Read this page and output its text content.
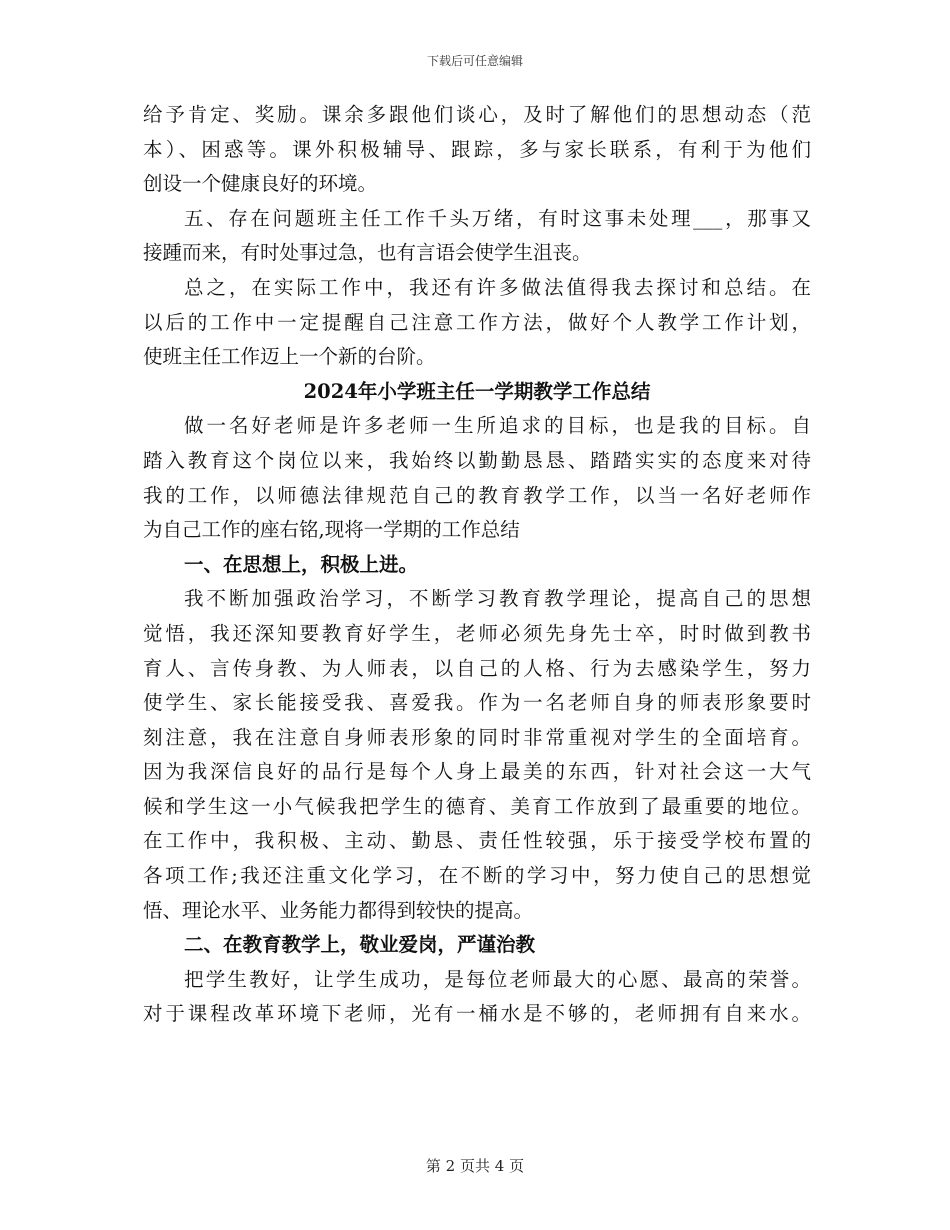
下载后可任意编辑
给予肯定、奖励。课余多跟他们谈心，及时了解他们的思想动态（范
本）、困惑等。课外积极辅导、跟踪，多与家长联系，有利于为他们
创设一个健康良好的环境。
五、存在问题班主任工作千头万绪，有时这事未处理___，那事又
接踵而来，有时处事过急，也有言语会使学生沮丧。
总之，在实际工作中，我还有许多做法值得我去探讨和总结。在
以后的工作中一定提醒自己注意工作方法，做好个人教学工作计划，
使班主任工作迈上一个新的台阶。
2024年小学班主任一学期教学工作总结
做一名好老师是许多老师一生所追求的目标，也是我的目标。自
踏入教育这个岗位以来，我始终以勤勤恳恳、踏踏实实的态度来对待
我的工作，以师德法律规范自己的教育教学工作，以当一名好老师作
为自己工作的座右铭,现将一学期的工作总结
一、在思想上，积极上进。
我不断加强政治学习，不断学习教育教学理论，提高自己的思想
觉悟，我还深知要教育好学生，老师必须先身先士卒，时时做到教书
育人、言传身教、为人师表，以自己的人格、行为去感染学生，努力
使学生、家长能接受我、喜爱我。作为一名老师自身的师表形象要时
刻注意，我在注意自身师表形象的同时非常重视对学生的全面培育。
因为我深信良好的品行是每个人身上最美的东西，针对社会这一大气
候和学生这一小气候我把学生的德育、美育工作放到了最重要的地位。
在工作中，我积极、主动、勤恳、责任性较强，乐于接受学校布置的
各项工作;我还注重文化学习，在不断的学习中，努力使自己的思想觉
悟、理论水平、业务能力都得到较快的提高。
二、在教育教学上，敬业爱岗，严谨治教
把学生教好，让学生成功，是每位老师最大的心愿、最高的荣誉。
对于课程改革环境下老师，光有一桶水是不够的，老师拥有自来水。
第 2 页共 4 页
